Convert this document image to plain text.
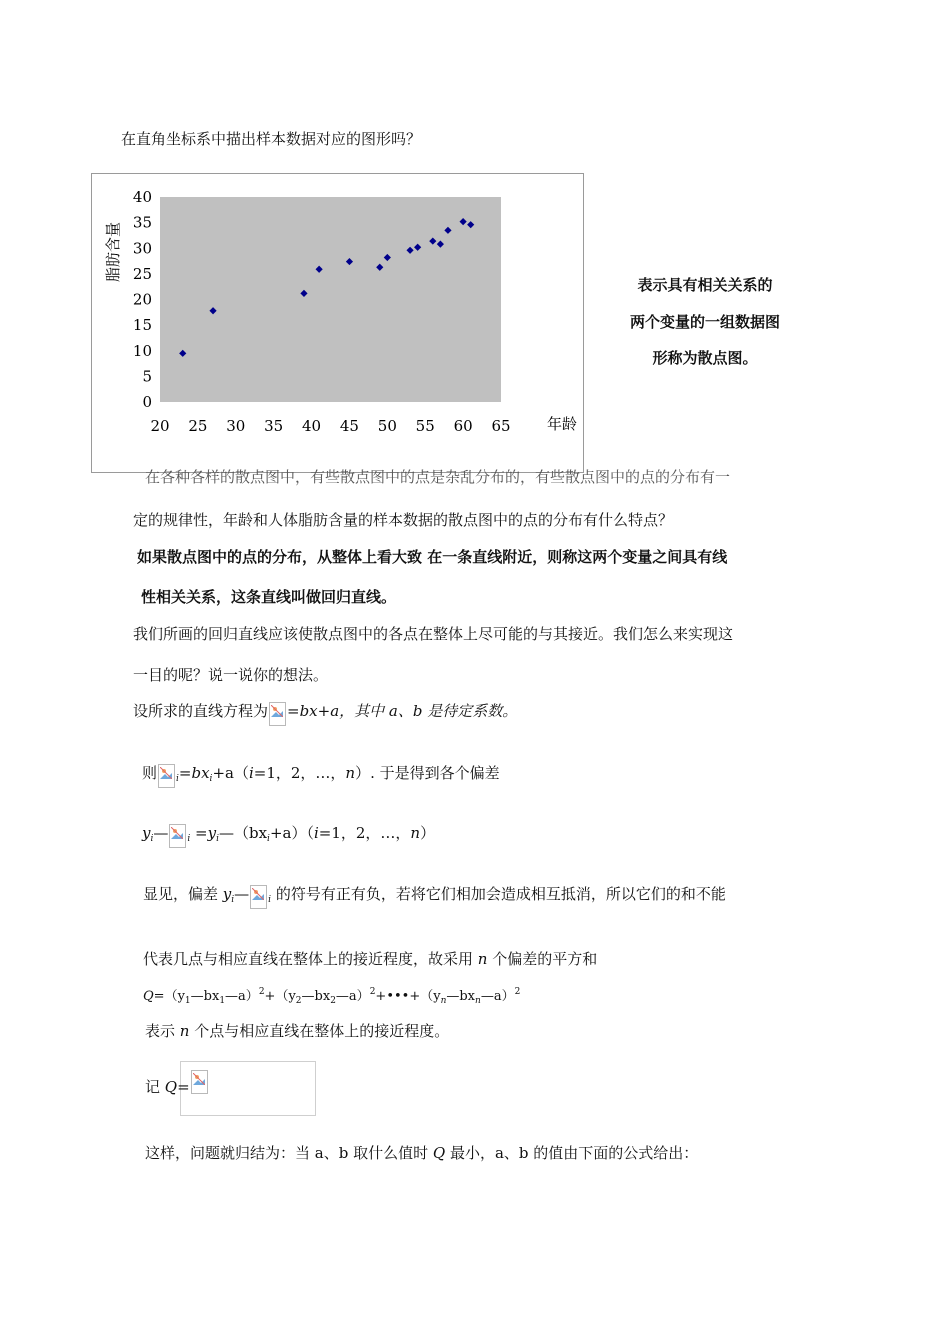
在直角坐标系中描出样本数据对应的图形吗？
0
5
10
15
20
25
30
35
40
20 25 30 35 40 45 50 55 60 65
脂肪含量
年龄
表示具有相关关系的
两个变量的一组数据图
形称为散点图。
在各种各样的散点图中，有些散点图中的点是杂乱分布的，有些散点图中的点的分布有一
定的规律性，年龄和人体脂肪含量的样本数据的散点图中的点的分布有什么特点？
如果散点图中的点的分布，从整体上看大致 在一条直线附近，则称这两个变量之间具有线
性相关关系，这条直线叫做回归直线。
我们所画的回归直线应该使散点图中的各点在整体上尽可能的与其接近。我们怎么来实现这
一目的呢？说一说你的想法。
设所求的直线方程为 =bx+a，其中 a、b 是待定系数。
则 $_i=bx_i+a(i=1$，2，…，n）. 于是得到各个偏差
$y_i—$ $_i =y_i—(bx_i+a)(i=1$，2，…，n）
显见，偏差 $y_i—$ $_i$ 的符号有正有负，若将它们相加会造成相互抵消，所以它们的和不能
代表几点与相应直线在整体上的接近程度，故采用 n 个偏差的平方和
$Q=(y_1—bx_1—a)^2+(y_2—bx_2—a)^2+•••+(y_n—bx_n—a)^2$
表示 n 个点与相应直线在整体上的接近程度。
记 Q=
这样，问题就归结为：当 a、b 取什么值时 Q 最小，a、b 的值由下面的公式给出：
